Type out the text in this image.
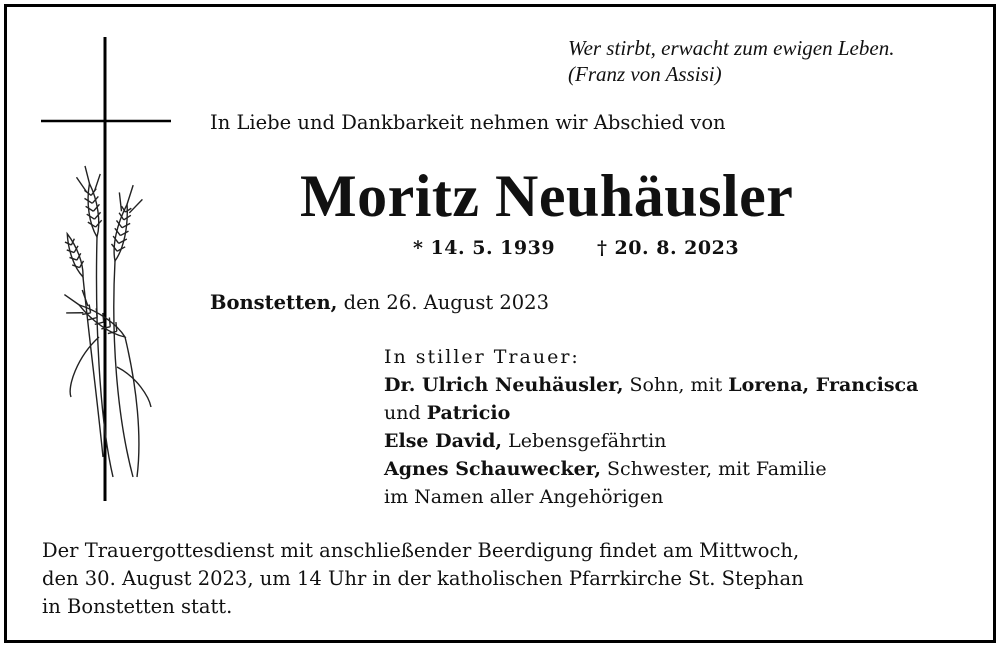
Wer stirbt, erwacht zum ewigen Leben.
(Franz von Assisi)
In Liebe und Dankbarkeit nehmen wir Abschied von
Moritz Neuhäusler
* 14. 5. 1939 † 20. 8. 2023
Bonstetten, den 26. August 2023
In stiller Trauer:
Dr. Ulrich Neuhäusler, Sohn, mit Lorena, Francisca
und Patricio
Else David, Lebensgefährtin
Agnes Schauwecker, Schwester, mit Familie
im Namen aller Angehörigen
Der Trauergottesdienst mit anschließender Beerdigung findet am Mittwoch,
den 30. August 2023, um 14 Uhr in der katholischen Pfarrkirche St. Stephan
in Bonstetten statt.
